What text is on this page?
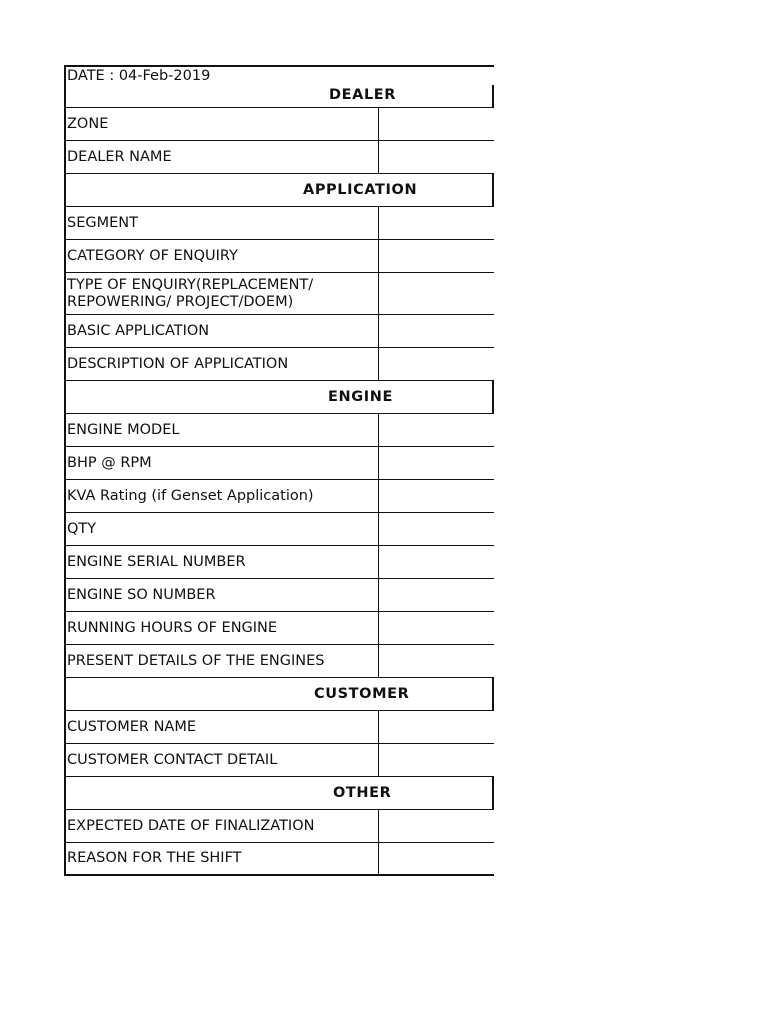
DATE : 04-Feb-2019
DEALER
ZONE
DEALER NAME
APPLICATION
SEGMENT
CATEGORY OF ENQUIRY
TYPE OF ENQUIRY(REPLACEMENT/ REPOWERING/ PROJECT/DOEM)
BASIC APPLICATION
DESCRIPTION OF APPLICATION
ENGINE
ENGINE MODEL
BHP @ RPM
KVA Rating (if Genset Application)
QTY
ENGINE SERIAL NUMBER
ENGINE SO NUMBER
RUNNING HOURS OF ENGINE
PRESENT DETAILS OF THE ENGINES
CUSTOMER
CUSTOMER NAME
CUSTOMER CONTACT DETAIL
OTHER
EXPECTED DATE OF FINALIZATION
REASON FOR THE SHIFT
